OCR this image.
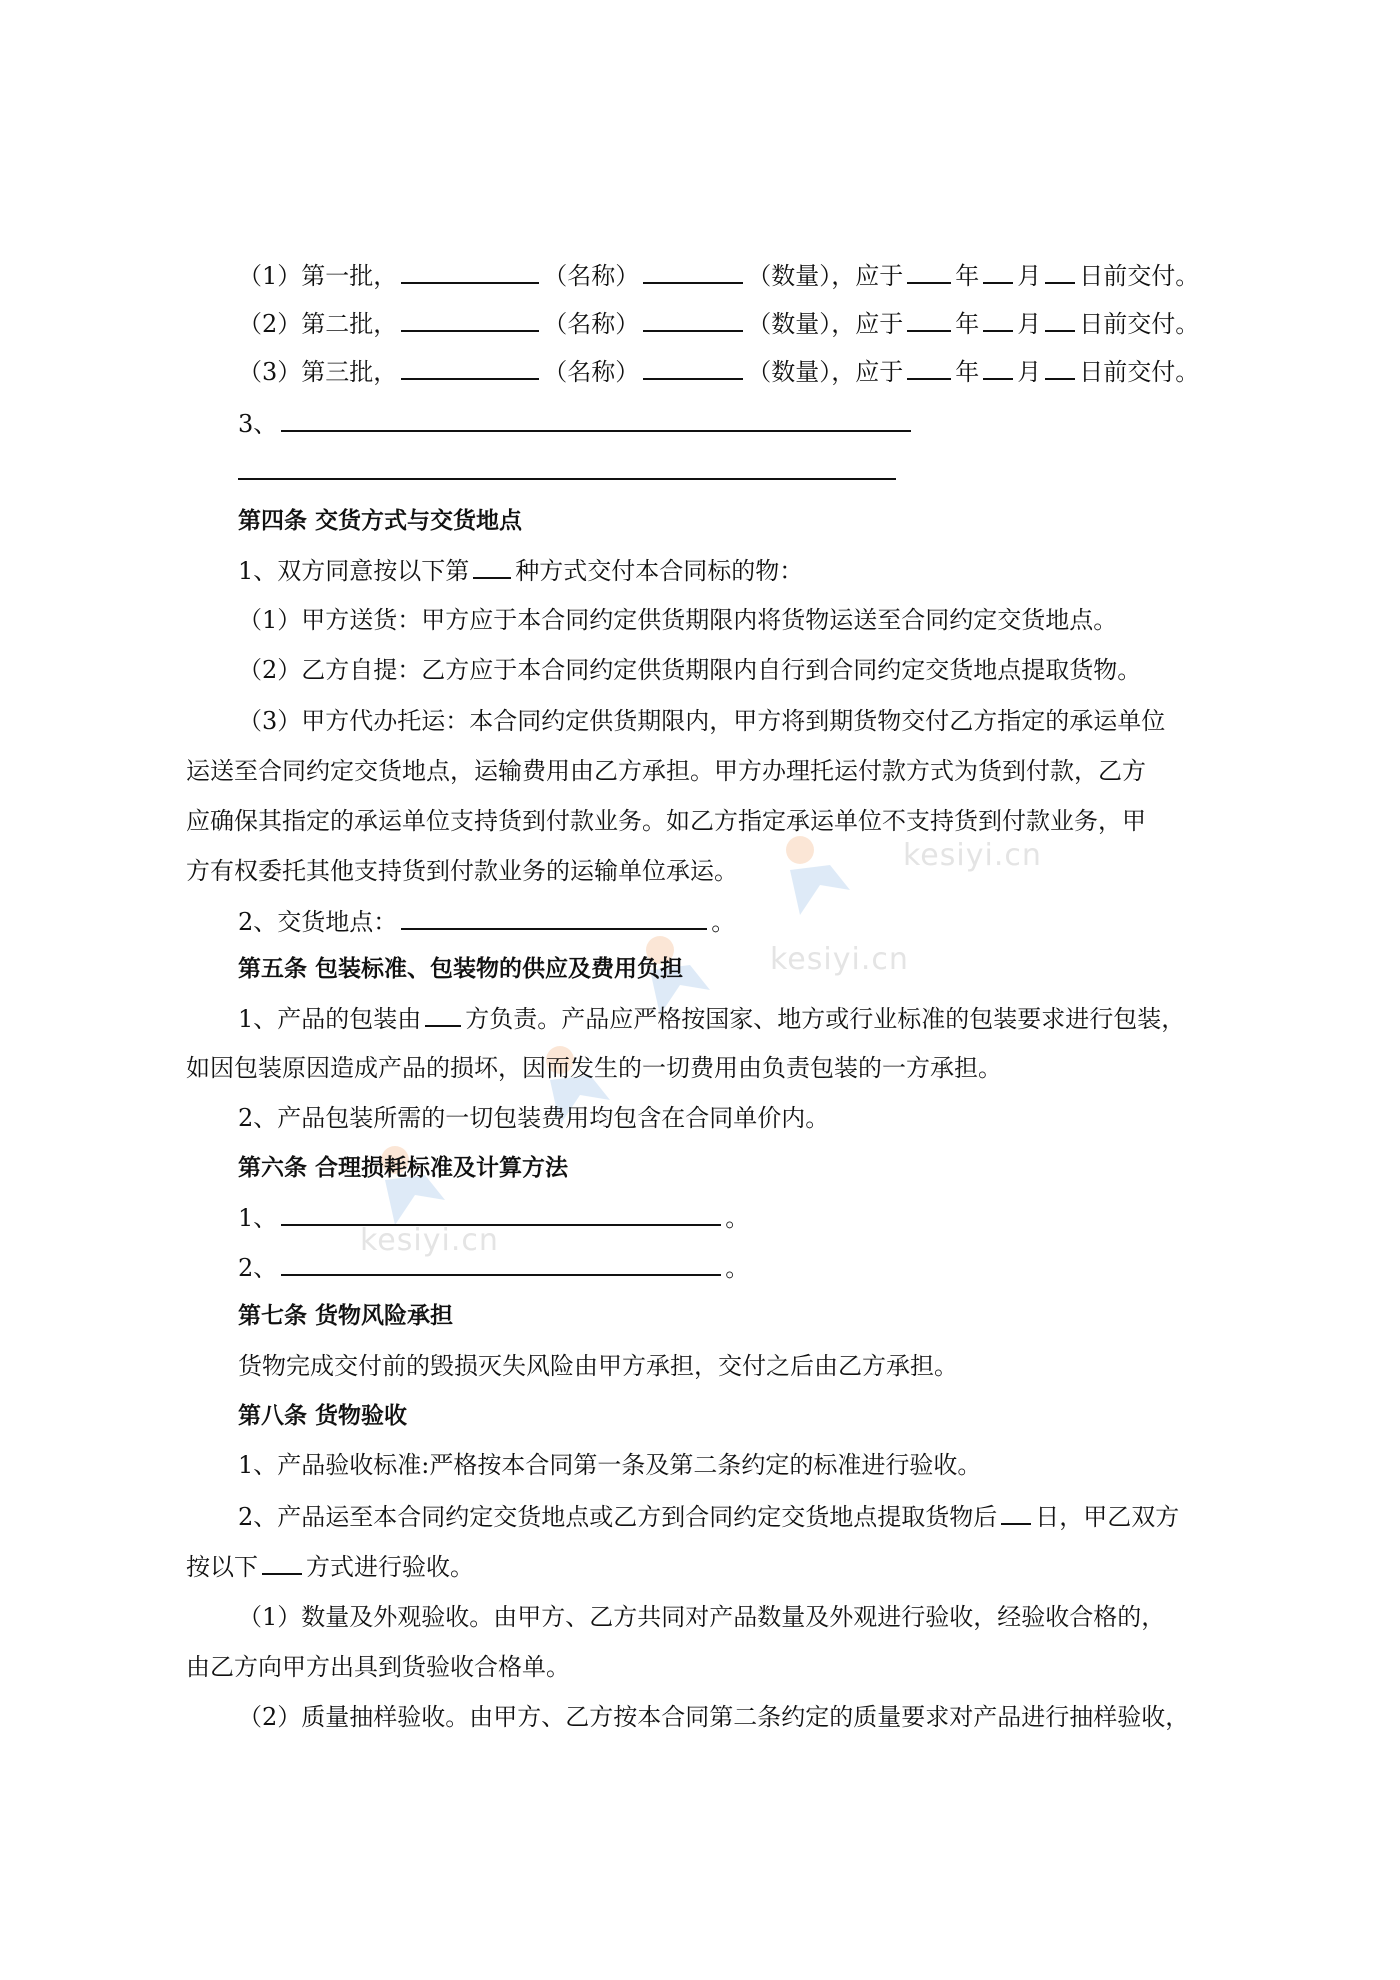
kesiyi.cn
kesiyi.cn
kesiyi.cn
（1）第一批，	（名称）	（数量），应于 年 月 日前交付。
（2）第二批，	（名称）	（数量），应于 年 月 日前交付。
（3）第三批，	（名称）	（数量），应于 年 月 日前交付。
3、
第四条 交货方式与交货地点
1、双方同意按以下第 种方式交付本合同标的物：
（1）甲方送货：甲方应于本合同约定供货期限内将货物运送至合同约定交货地点。
（2）乙方自提：乙方应于本合同约定供货期限内自行到合同约定交货地点提取货物。
（3）甲方代办托运：本合同约定供货期限内，甲方将到期货物交付乙方指定的承运单位
运送至合同约定交货地点，运输费用由乙方承担。甲方办理托运付款方式为货到付款，乙方
应确保其指定的承运单位支持货到付款业务。如乙方指定承运单位不支持货到付款业务，甲
方有权委托其他支持货到付款业务的运输单位承运。
2、交货地点：	。
第五条 包装标准、包装物的供应及费用负担
1、产品的包装由 方负责。产品应严格按国家、地方或行业标准的包装要求进行包装，
如因包装原因造成产品的损坏，因而发生的一切费用由负责包装的一方承担。
2、产品包装所需的一切包装费用均包含在合同单价内。
第六条 合理损耗标准及计算方法
1、	。
2、	。
第七条 货物风险承担
货物完成交付前的毁损灭失风险由甲方承担，交付之后由乙方承担。
第八条 货物验收
1、产品验收标准:严格按本合同第一条及第二条约定的标准进行验收。
2、产品运至本合同约定交货地点或乙方到合同约定交货地点提取货物后 日，甲乙双方
按以下 方式进行验收。
（1）数量及外观验收。由甲方、乙方共同对产品数量及外观进行验收，经验收合格的，
由乙方向甲方出具到货验收合格单。
（2）质量抽样验收。由甲方、乙方按本合同第二条约定的质量要求对产品进行抽样验收，
